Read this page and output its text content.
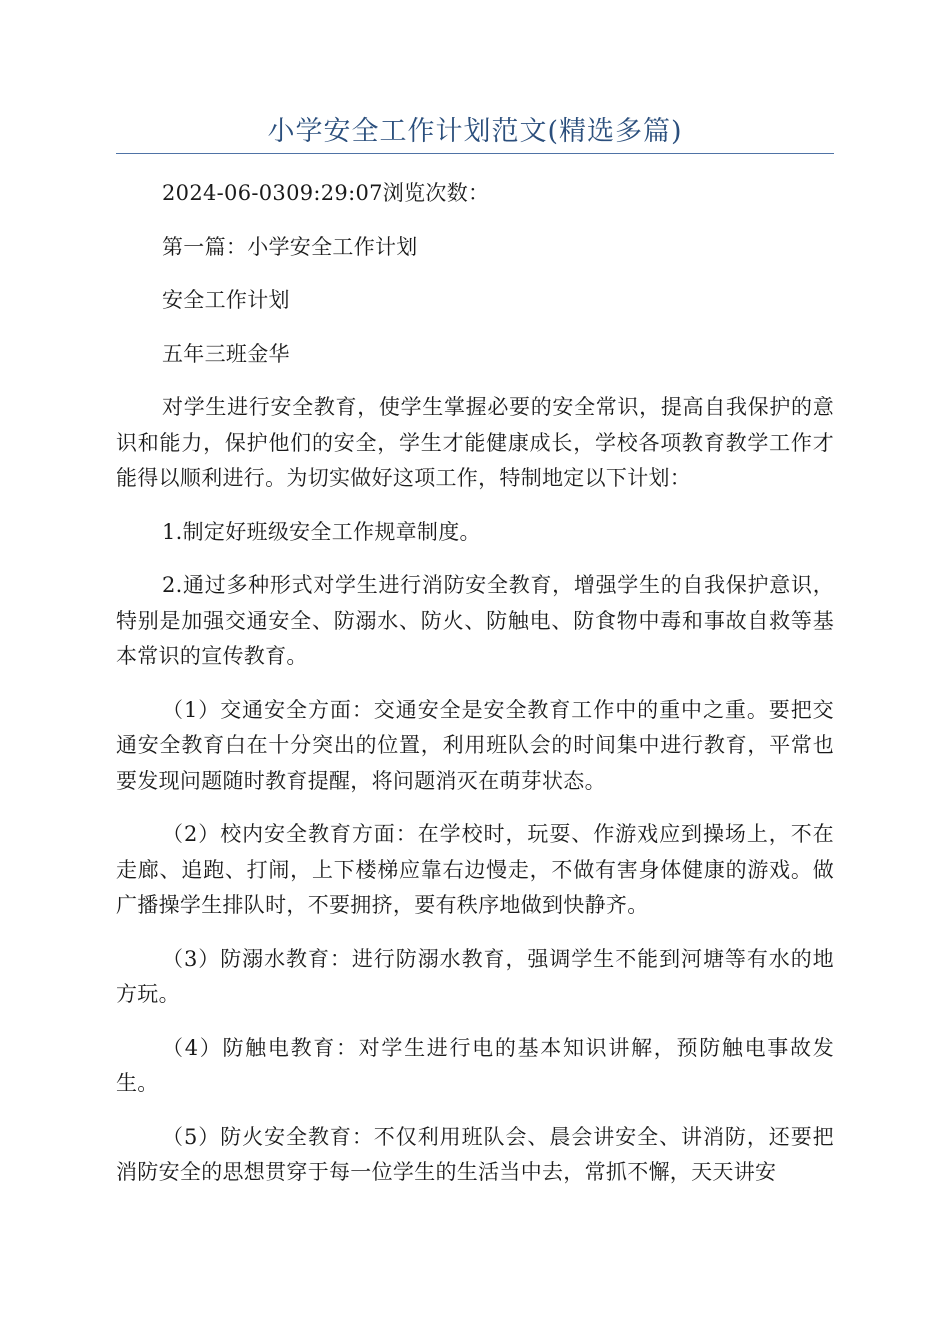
小学安全工作计划范文(精选多篇)

2024-06-0309:29:07浏览次数：

第一篇：小学安全工作计划

安全工作计划

五年三班金华

对学生进行安全教育，使学生掌握必要的安全常识，提高自我保护的意识和能力，保护他们的安全，学生才能健康成长，学校各项教育教学工作才能得以顺利进行。为切实做好这项工作，特制地定以下计划：

1.制定好班级安全工作规章制度。

2.通过多种形式对学生进行消防安全教育，增强学生的自我保护意识，特别是加强交通安全、防溺水、防火、防触电、防食物中毒和事故自救等基本常识的宣传教育。

（1）交通安全方面：交通安全是安全教育工作中的重中之重。要把交通安全教育白在十分突出的位置，利用班队会的时间集中进行教育，平常也要发现问题随时教育提醒，将问题消灭在萌芽状态。

（2）校内安全教育方面：在学校时，玩耍、作游戏应到操场上，不在走廊、追跑、打闹，上下楼梯应靠右边慢走，不做有害身体健康的游戏。做广播操学生排队时，不要拥挤，要有秩序地做到快静齐。

（3）防溺水教育：进行防溺水教育，强调学生不能到河塘等有水的地方玩。

（4）防触电教育：对学生进行电的基本知识讲解，预防触电事故发生。

（5）防火安全教育：不仅利用班队会、晨会讲安全、讲消防，还要把消防安全的思想贯穿于每一位学生的生活当中去，常抓不懈，天天讲安
